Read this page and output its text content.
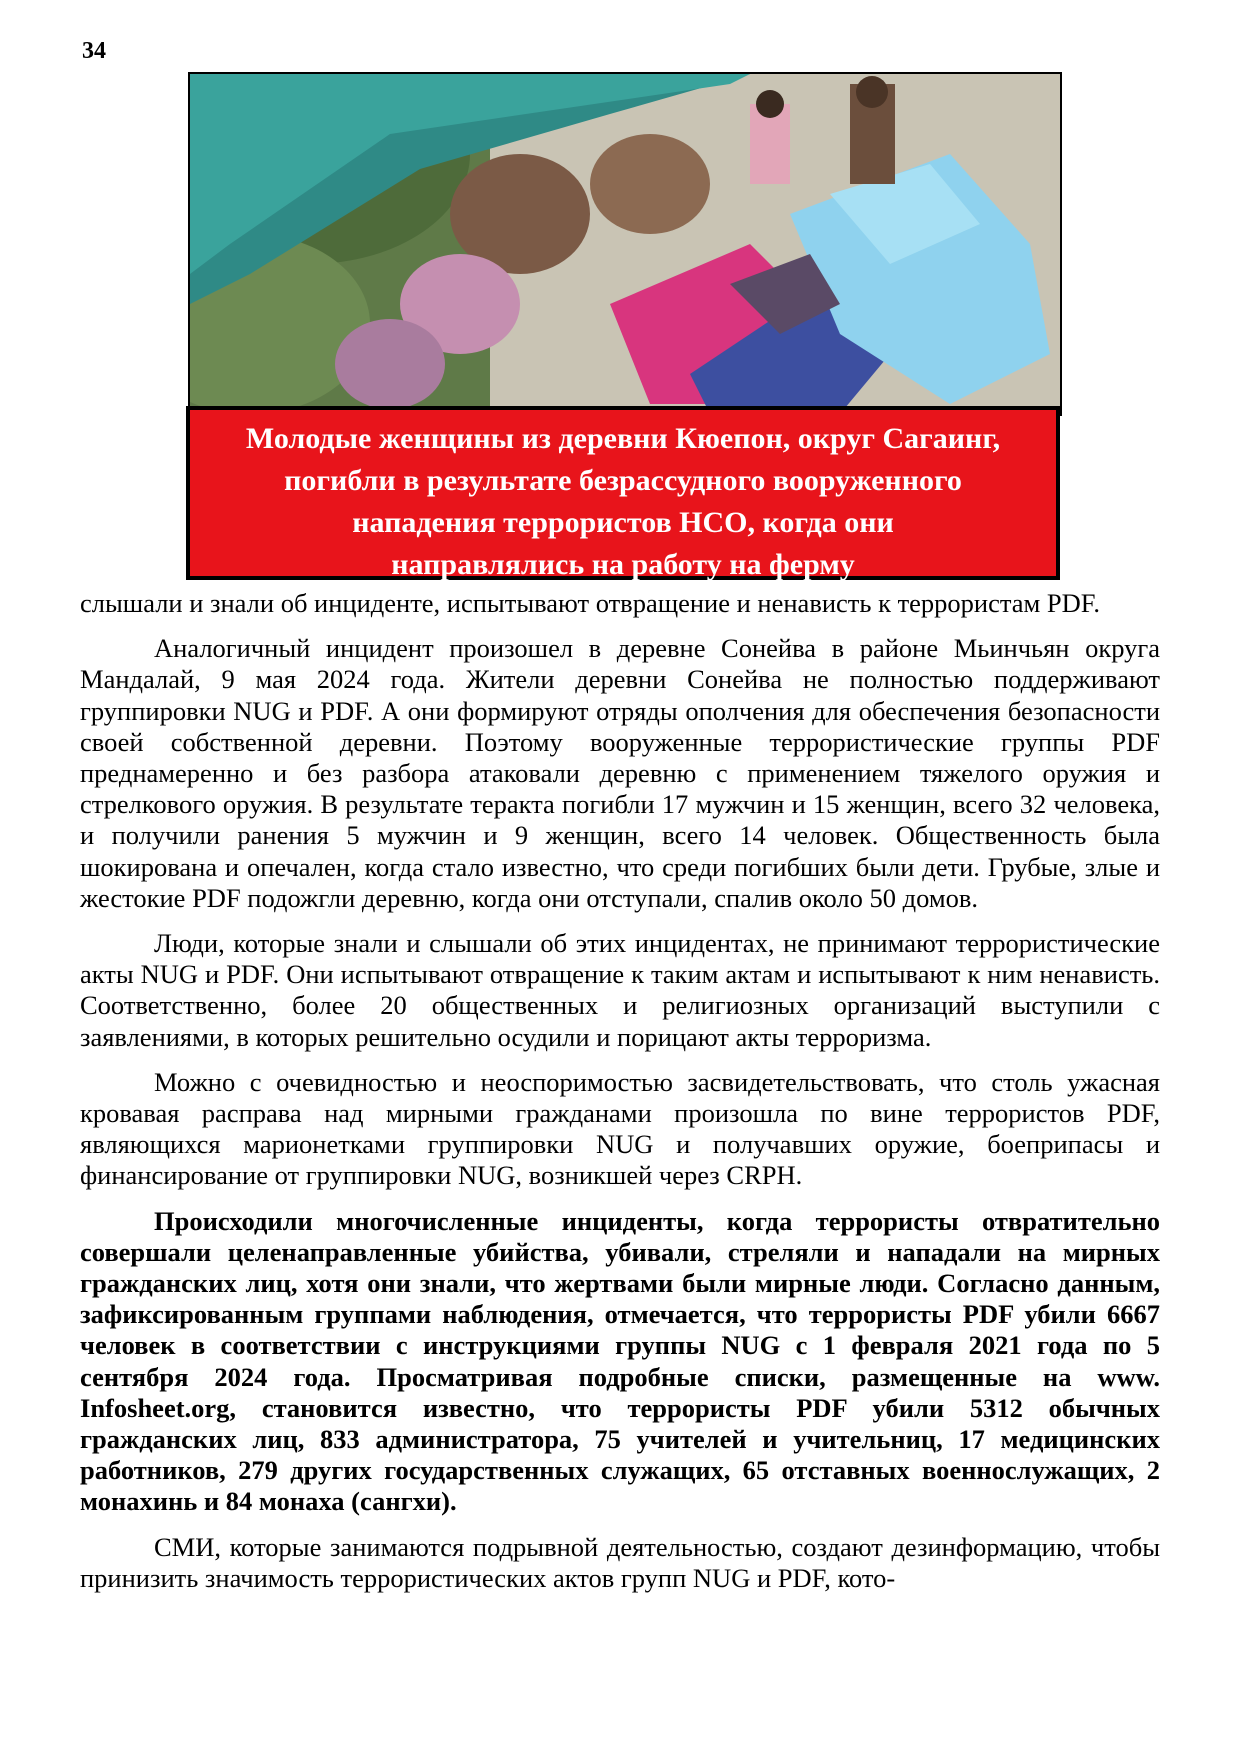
34
Молодые женщины из деревни Кюепон, округ Сагаинг,
погибли в результате безрассудного вооруженного
нападения террористов НСО, когда они
направлялись на работу на ферму

слышали и знали об инциденте, испытывают отвращение и ненависть к террористам PDF.

Аналогичный инцидент произошел в деревне Сонейва в районе Мьинчьян округа Мандалай, 9 мая 2024 года. Жители деревни Сонейва не полностью поддерживают группировки NUG и PDF. А они формируют отряды ополчения для обеспечения безопасности своей собственной деревни. Поэтому вооруженные террористические группы PDF преднамеренно и без разбора атаковали деревню с применением тяжелого оружия и стрелкового оружия. В результате теракта погибли 17 мужчин и 15 женщин, всего 32 человека, и получили ранения 5 мужчин и 9 женщин, всего 14 человек. Общественность была шокирована и опечален, когда стало известно, что среди погибших были дети. Грубые, злые и жестокие PDF подожгли деревню, когда они отступали, спалив около 50 домов.

Люди, которые знали и слышали об этих инцидентах, не принимают террористические акты NUG и PDF. Они испытывают отвращение к таким актам и испытывают к ним ненависть. Соответственно, более 20 общественных и религиозных организаций выступили с заявлениями, в которых решительно осудили и порицают акты терроризма.

Можно с очевидностью и неоспоримостью засвидетельствовать, что столь ужасная кровавая расправа над мирными гражданами произошла по вине террористов PDF, являющихся марионетками группировки NUG и получавших оружие, боеприпасы и финансирование от группировки NUG, возникшей через CRPH.

Происходили многочисленные инциденты, когда террористы отвратительно совершали целенаправленные убийства, убивали, стреляли и нападали на мирных гражданских лиц, хотя они знали, что жертвами были мирные люди. Согласно данным, зафиксированным группами наблюдения, отмечается, что террористы PDF убили 6667 человек в соответствии с инструкциями группы NUG с 1 февраля 2021 года по 5 сентября 2024 года. Просматривая подробные списки, размещенные на www. Infosheet.org, становится известно, что террористы PDF убили 5312 обычных гражданских лиц, 833 администратора, 75 учителей и учительниц, 17 медицинских работников, 279 других государственных служащих, 65 отставных военнослужащих, 2 монахинь и 84 монаха (сангхи).

СМИ, которые занимаются подрывной деятельностью, создают дезинформацию, чтобы принизить значимость террористических актов групп NUG и PDF, кото-
